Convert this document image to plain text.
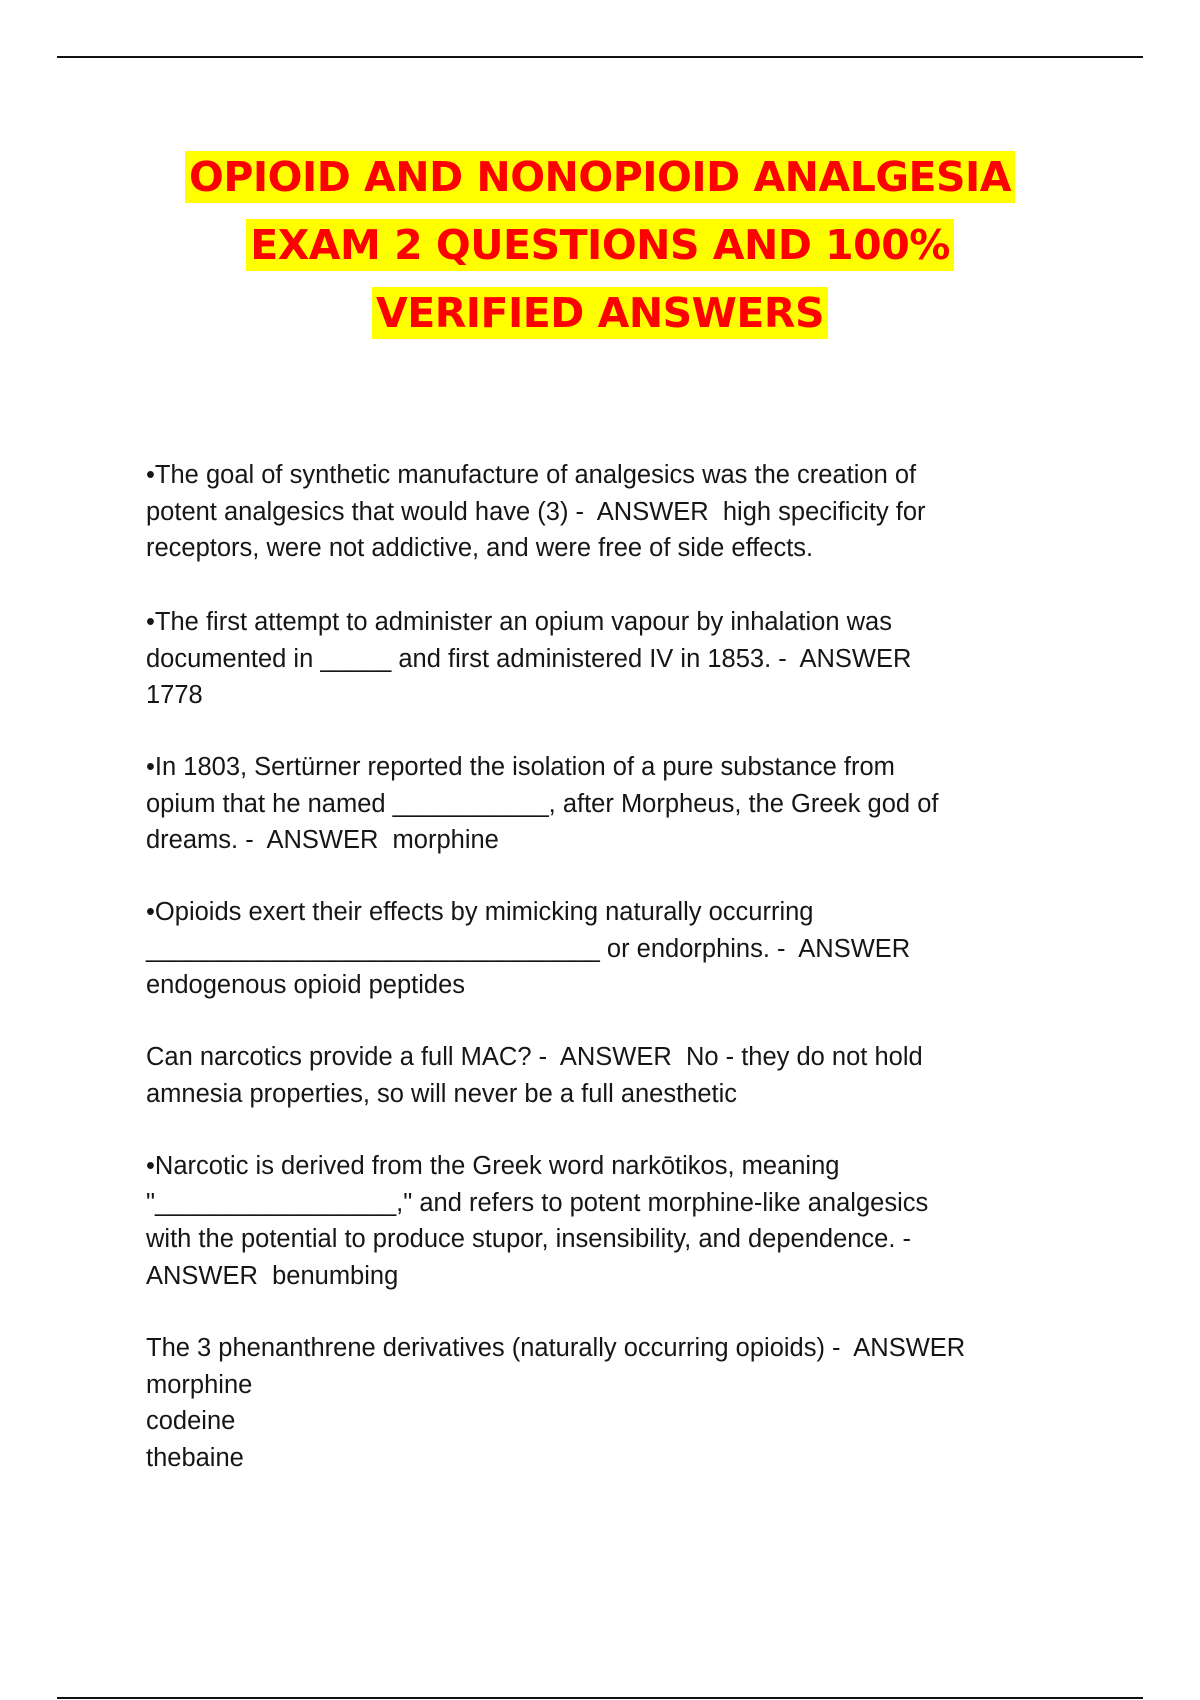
OPIOID AND NONOPIOID ANALGESIA
EXAM 2 QUESTIONS AND 100%
VERIFIED ANSWERS

•The goal of synthetic manufacture of analgesics was the creation of
potent analgesics that would have (3) -  ANSWER  high specificity for
receptors, were not addictive, and were free of side effects.

•The first attempt to administer an opium vapour by inhalation was
documented in _____ and first administered IV in 1853. -  ANSWER
1778

•In 1803, Sertürner reported the isolation of a pure substance from
opium that he named ___________, after Morpheus, the Greek god of
dreams. -  ANSWER  morphine

•Opioids exert their effects by mimicking naturally occurring
________________________________ or endorphins. -  ANSWER
endogenous opioid peptides

Can narcotics provide a full MAC? -  ANSWER  No - they do not hold
amnesia properties, so will never be a full anesthetic

•Narcotic is derived from the Greek word narkōtikos, meaning
"_________________," and refers to potent morphine-like analgesics
with the potential to produce stupor, insensibility, and dependence. -
ANSWER  benumbing

The 3 phenanthrene derivatives (naturally occurring opioids) -  ANSWER
morphine
codeine
thebaine
